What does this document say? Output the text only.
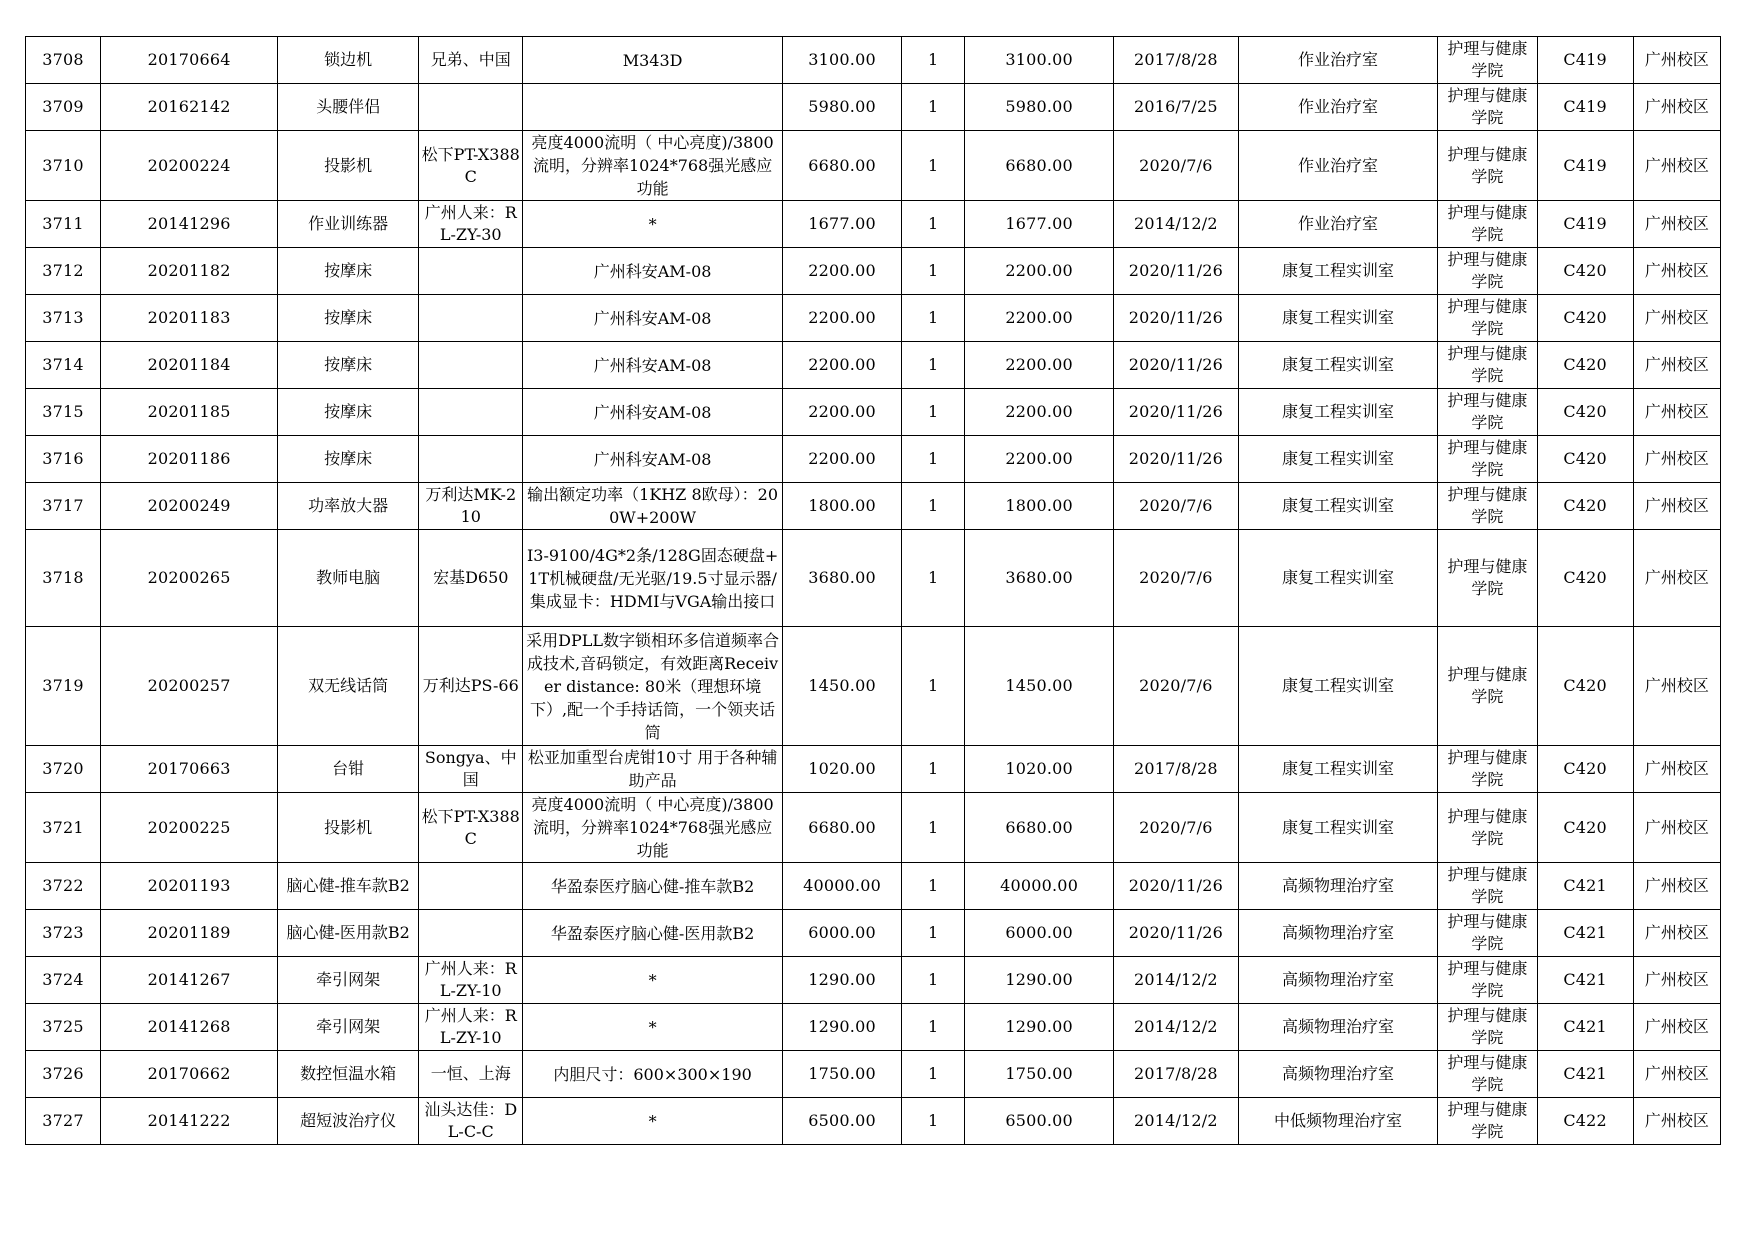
3708	20170664	锁边机	兄弟、中国	M343D	3100.00	1	3100.00	2017/8/28	作业治疗室	护理与健康学院	C419	广州校区
3709	20162142	头腰伴侣			5980.00	1	5980.00	2016/7/25	作业治疗室	护理与健康学院	C419	广州校区
3710	20200224	投影机	松下PT-X388C	亮度4000流明（ 中心亮度)/3800流明，分辨率1024*768强光感应功能	6680.00	1	6680.00	2020/7/6	作业治疗室	护理与健康学院	C419	广州校区
3711	20141296	作业训练器	广州人来：RL-ZY-30	*	1677.00	1	1677.00	2014/12/2	作业治疗室	护理与健康学院	C419	广州校区
3712	20201182	按摩床		广州科安AM-08	2200.00	1	2200.00	2020/11/26	康复工程实训室	护理与健康学院	C420	广州校区
3713	20201183	按摩床		广州科安AM-08	2200.00	1	2200.00	2020/11/26	康复工程实训室	护理与健康学院	C420	广州校区
3714	20201184	按摩床		广州科安AM-08	2200.00	1	2200.00	2020/11/26	康复工程实训室	护理与健康学院	C420	广州校区
3715	20201185	按摩床		广州科安AM-08	2200.00	1	2200.00	2020/11/26	康复工程实训室	护理与健康学院	C420	广州校区
3716	20201186	按摩床		广州科安AM-08	2200.00	1	2200.00	2020/11/26	康复工程实训室	护理与健康学院	C420	广州校区
3717	20200249	功率放大器	万利达MK-210	输出额定功率（1KHZ 8欧母）：200W+200W	1800.00	1	1800.00	2020/7/6	康复工程实训室	护理与健康学院	C420	广州校区
3718	20200265	教师电脑	宏基D650	I3-9100/4G*2条/128G固态硬盘+1T机械硬盘/无光驱/19.5寸显示器/集成显卡：HDMI与VGA输出接口	3680.00	1	3680.00	2020/7/6	康复工程实训室	护理与健康学院	C420	广州校区
3719	20200257	双无线话筒	万利达PS-66	采用DPLL数字锁相环多信道频率合成技术,音码锁定，有效距离Receiver distance: 80米（理想环境下）,配一个手持话筒，一个领夹话筒	1450.00	1	1450.00	2020/7/6	康复工程实训室	护理与健康学院	C420	广州校区
3720	20170663	台钳	Songya、中国	松亚加重型台虎钳10寸 用于各种辅助产品	1020.00	1	1020.00	2017/8/28	康复工程实训室	护理与健康学院	C420	广州校区
3721	20200225	投影机	松下PT-X388C	亮度4000流明（ 中心亮度)/3800流明，分辨率1024*768强光感应功能	6680.00	1	6680.00	2020/7/6	康复工程实训室	护理与健康学院	C420	广州校区
3722	20201193	脑心健-推车款B2		华盈泰医疗脑心健-推车款B2	40000.00	1	40000.00	2020/11/26	高频物理治疗室	护理与健康学院	C421	广州校区
3723	20201189	脑心健-医用款B2		华盈泰医疗脑心健-医用款B2	6000.00	1	6000.00	2020/11/26	高频物理治疗室	护理与健康学院	C421	广州校区
3724	20141267	牵引网架	广州人来：RL-ZY-10	*	1290.00	1	1290.00	2014/12/2	高频物理治疗室	护理与健康学院	C421	广州校区
3725	20141268	牵引网架	广州人来：RL-ZY-10	*	1290.00	1	1290.00	2014/12/2	高频物理治疗室	护理与健康学院	C421	广州校区
3726	20170662	数控恒温水箱	一恒、上海	内胆尺寸：600×300×190	1750.00	1	1750.00	2017/8/28	高频物理治疗室	护理与健康学院	C421	广州校区
3727	20141222	超短波治疗仪	汕头达佳：DL-C-C	*	6500.00	1	6500.00	2014/12/2	中低频物理治疗室	护理与健康学院	C422	广州校区
